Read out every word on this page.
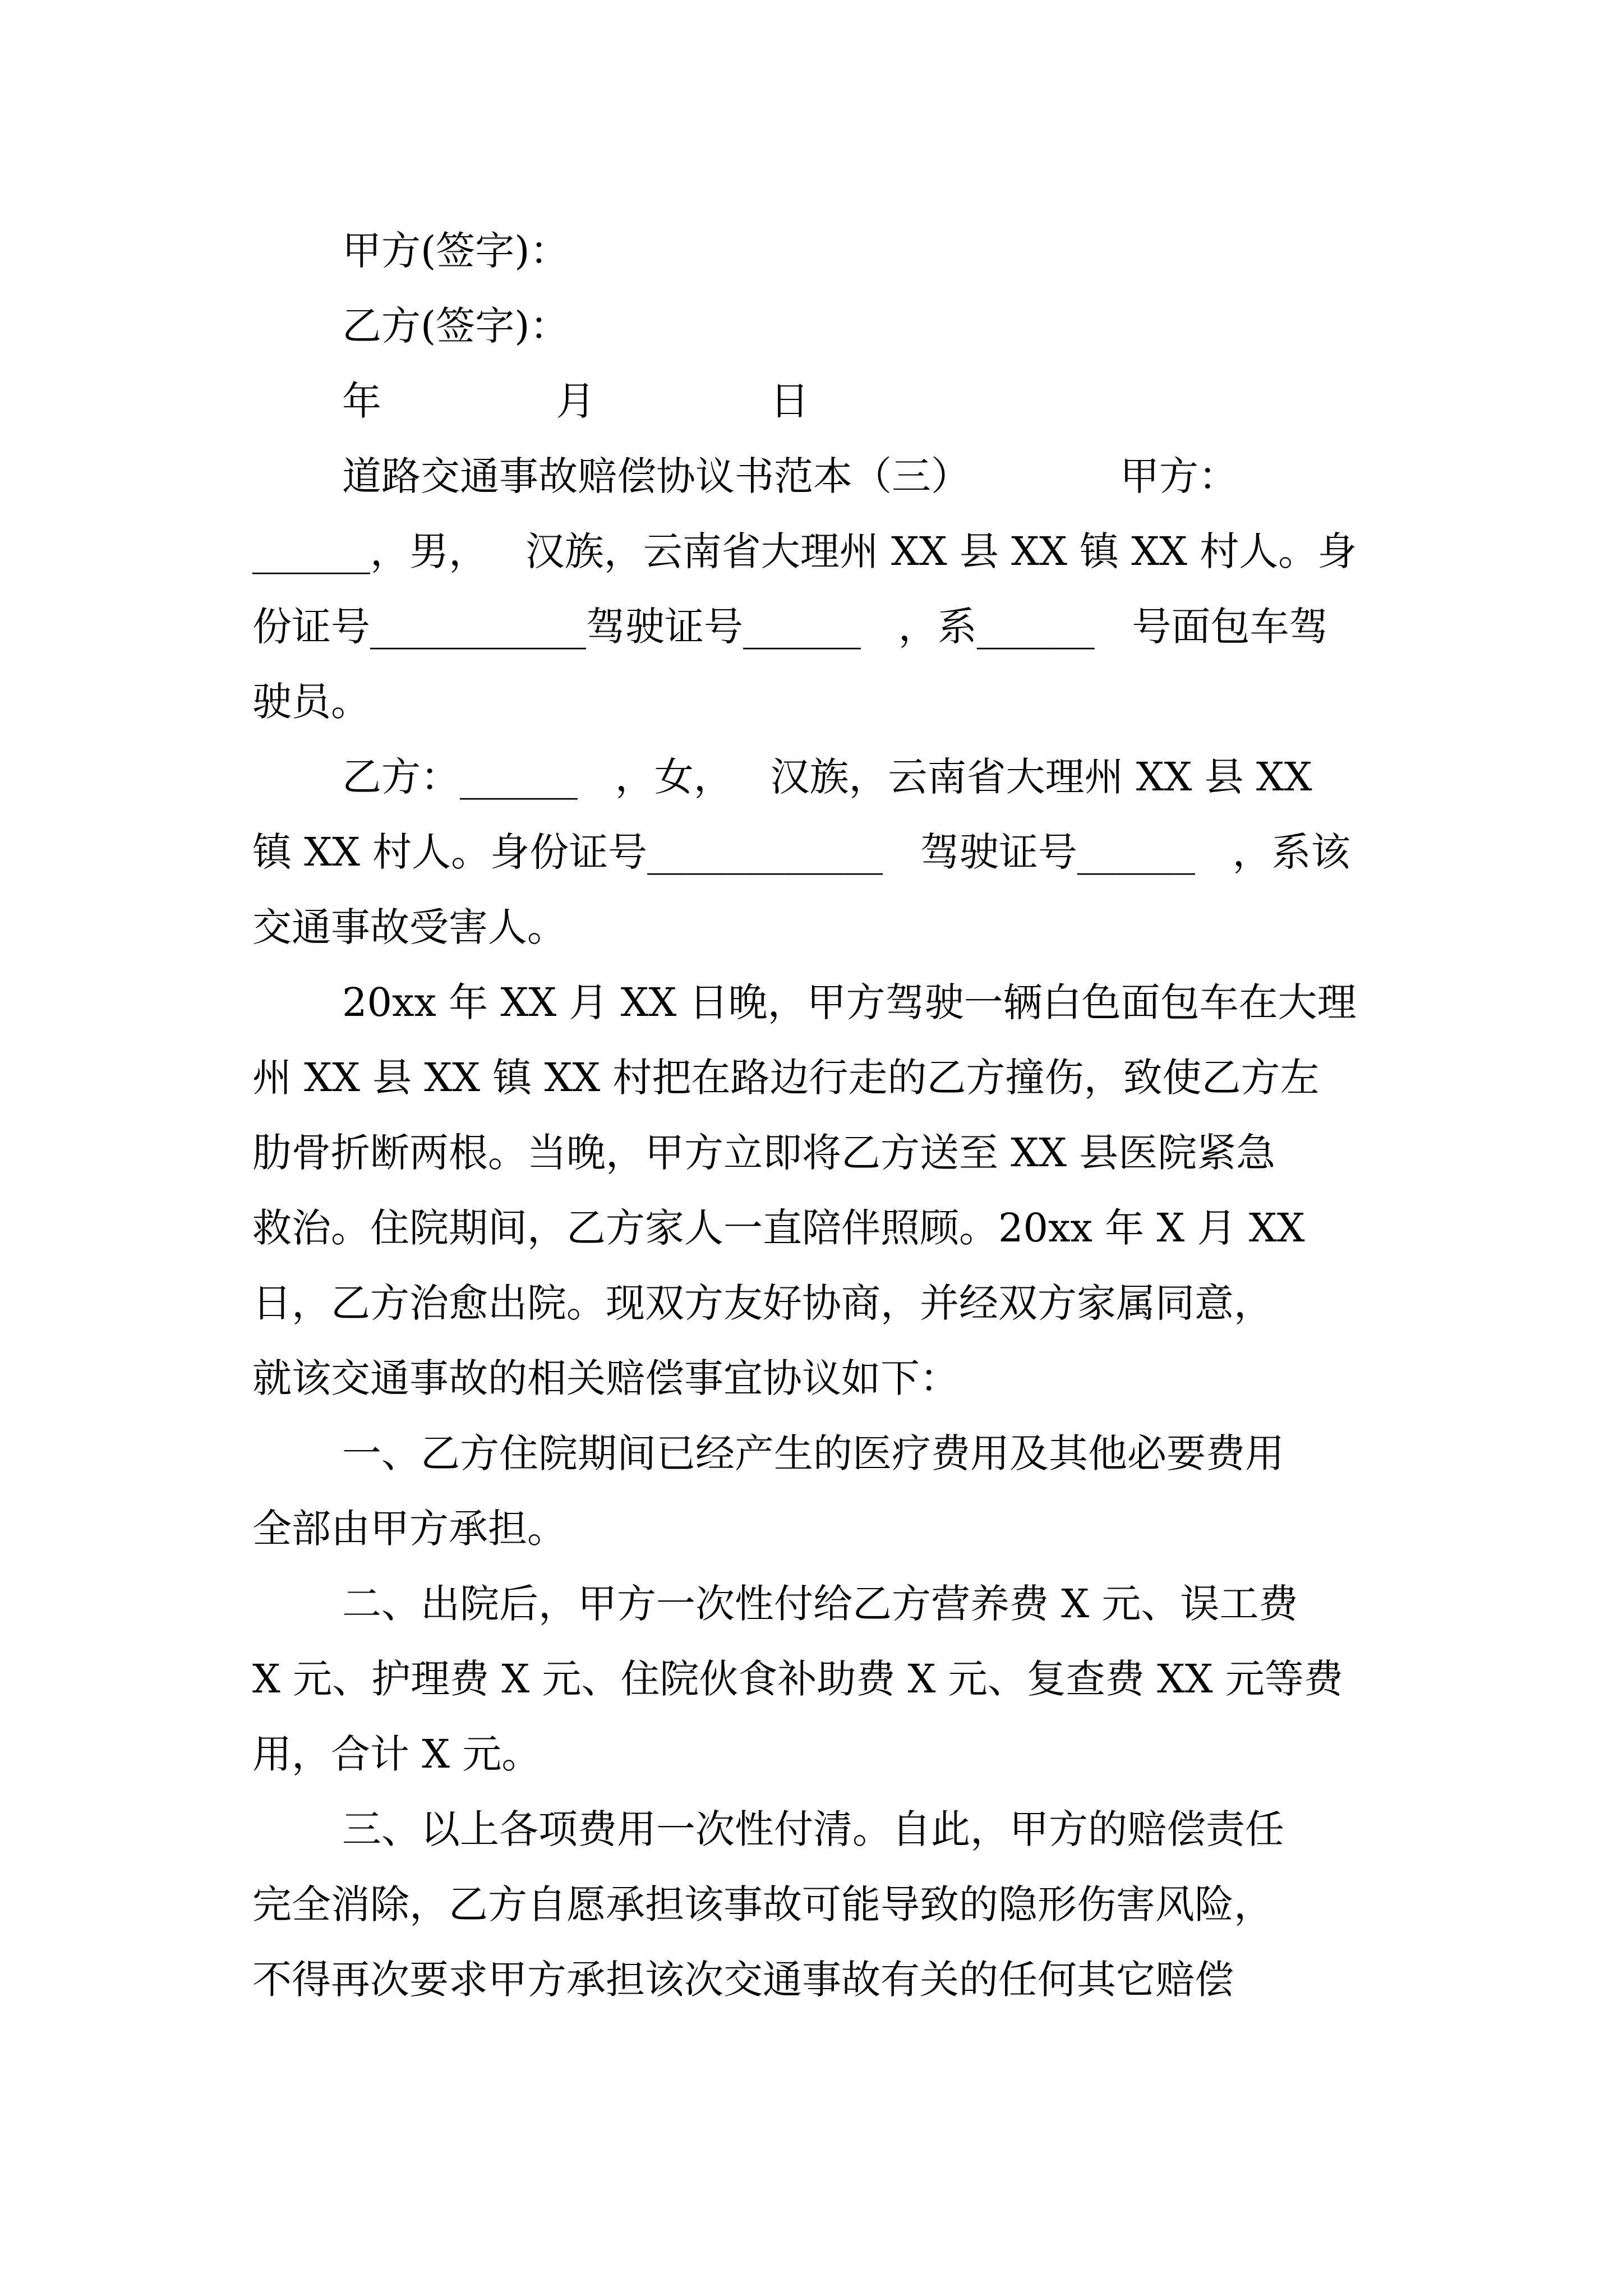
甲方(签字)：
乙方(签字)：
年              月              日
道路交通事故赔偿协议书范本（三）            甲方：
______，男，   汉族，云南省大理州 XX 县 XX 镇 XX 村人。身
份证号___________驾驶证号______   ，系______   号面包车驾
驶员。
乙方：______   ，女，   汉族，云南省大理州 XX 县 XX
镇 XX 村人。身份证号____________   驾驶证号______   ，系该
交通事故受害人。
20xx 年 XX 月 XX 日晚，甲方驾驶一辆白色面包车在大理
州 XX 县 XX 镇 XX 村把在路边行走的乙方撞伤，致使乙方左
肋骨折断两根。当晚，甲方立即将乙方送至 XX 县医院紧急
救治。住院期间，乙方家人一直陪伴照顾。20xx 年 X 月 XX
日，乙方治愈出院。现双方友好协商，并经双方家属同意，
就该交通事故的相关赔偿事宜协议如下：
一、乙方住院期间已经产生的医疗费用及其他必要费用
全部由甲方承担。
二、出院后，甲方一次性付给乙方营养费 X 元、误工费
X 元、护理费 X 元、住院伙食补助费 X 元、复查费 XX 元等费
用，合计 X 元。
三、以上各项费用一次性付清。自此，甲方的赔偿责任
完全消除，乙方自愿承担该事故可能导致的隐形伤害风险，
不得再次要求甲方承担该次交通事故有关的任何其它赔偿
